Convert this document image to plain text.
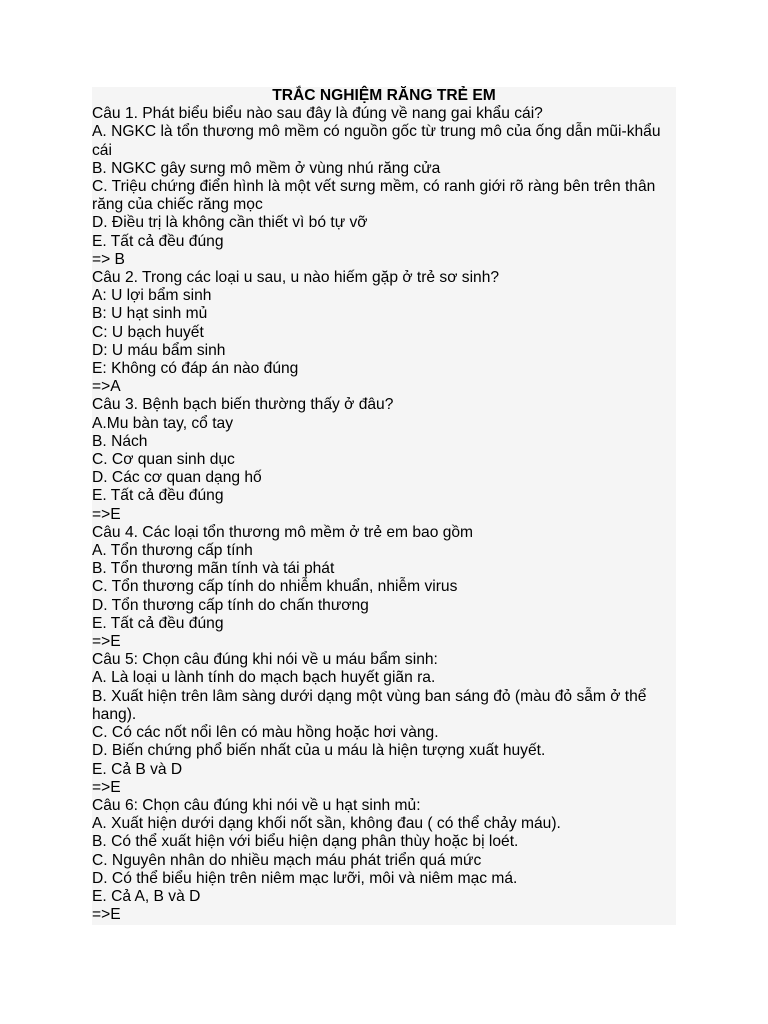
TRẮC NGHIỆM RĂNG TRẺ EM
Câu 1. Phát biểu biểu nào sau đây là đúng về nang gai khẩu cái?
A. NGKC là tổn thương mô mềm có nguồn gốc từ trung mô của ống dẫn mũi-khẩu cái
B. NGKC gây sưng mô mềm ở vùng nhú răng cửa
C. Triệu chứng điển hình là một vết sưng mềm, có ranh giới rõ ràng bên trên thân răng của chiếc răng mọc
D. Điều trị là không cần thiết vì bó tự vỡ
E. Tất cả đều đúng
=> B
Câu 2. Trong các loại u sau, u nào hiếm gặp ở trẻ sơ sinh?
A: U lợi bẩm sinh
B: U hạt sinh mủ
C: U bạch huyết
D: U máu bẩm sinh
E: Không có đáp án nào đúng
=>A
Câu 3. Bệnh bạch biến thường thấy ở đâu?
A.Mu bàn tay, cổ tay
B. Nách
C. Cơ quan sinh dục
D. Các cơ quan dạng hố
E. Tất cả đều đúng
=>E
Câu 4. Các loại tổn thương mô mềm ở trẻ em bao gồm
A. Tổn thương cấp tính
B. Tổn thương mãn tính và tái phát
C. Tổn thương cấp tính do nhiễm khuẩn, nhiễm virus
D. Tổn thương cấp tính do chấn thương
E. Tất cả đều đúng
=>E
Câu 5: Chọn câu đúng khi nói về u máu bẩm sinh:
A. Là loại u lành tính do mạch bạch huyết giãn ra.
B. Xuất hiện trên lâm sàng dưới dạng một vùng ban sáng đỏ (màu đỏ sẫm ở thể hang).
C. Có các nốt nổi lên có màu hồng hoặc hơi vàng.
D. Biến chứng phổ biến nhất của u máu là hiện tượng xuất huyết.
E. Cả B và D
=>E
Câu 6: Chọn câu đúng khi nói về u hạt sinh mủ:
A. Xuất hiện dưới dạng khối nốt sần, không đau ( có thể chảy máu).
B. Có thể xuất hiện với biểu hiện dạng phân thùy hoặc bị loét.
C. Nguyên nhân do nhiều mạch máu phát triển quá mức
D. Có thể biểu hiện trên niêm mạc lưỡi, môi và niêm mạc má.
E. Cả A, B và D
=>E
